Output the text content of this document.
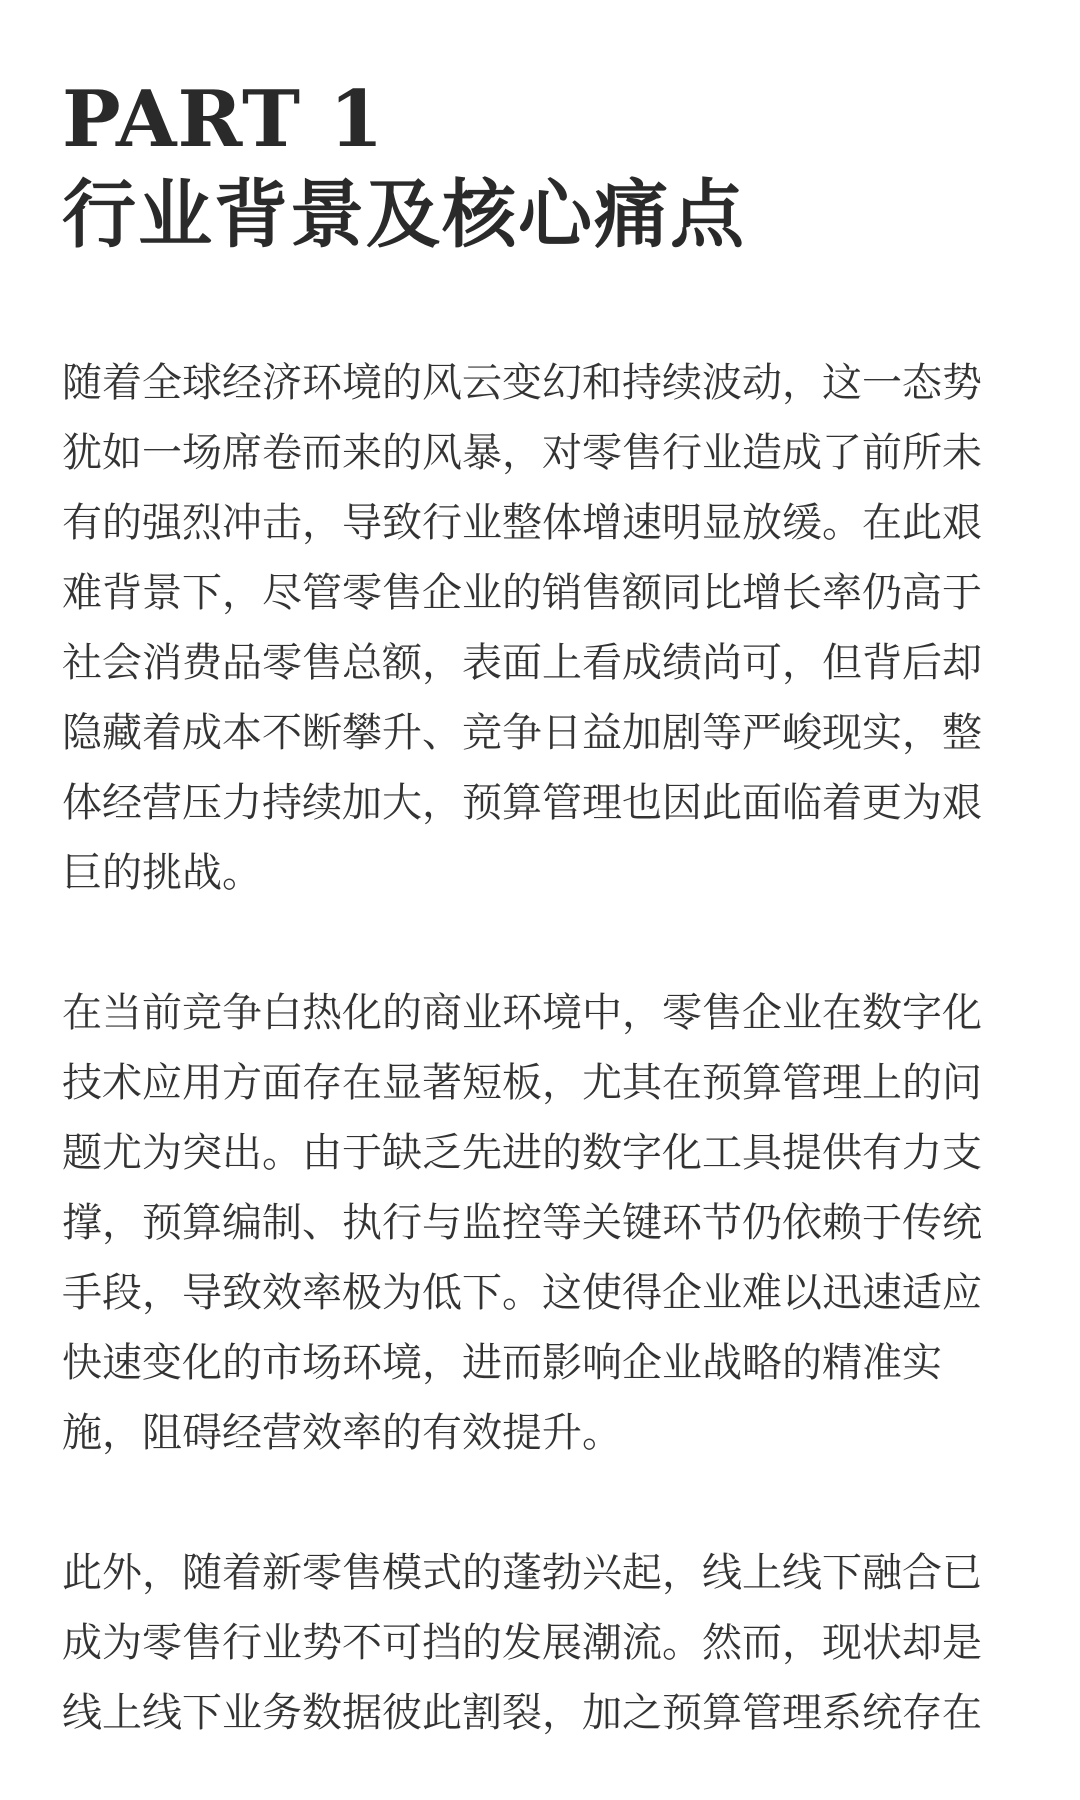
PART 1
行业背景及核心痛点

随着全球经济环境的风云变幻和持续波动，这一态势犹如一场席卷而来的风暴，对零售行业造成了前所未有的强烈冲击，导致行业整体增速明显放缓。在此艰难背景下，尽管零售企业的销售额同比增长率仍高于社会消费品零售总额，表面上看成绩尚可，但背后却隐藏着成本不断攀升、竞争日益加剧等严峻现实，整体经营压力持续加大，预算管理也因此面临着更为艰巨的挑战。

在当前竞争白热化的商业环境中，零售企业在数字化技术应用方面存在显著短板，尤其在预算管理上的问题尤为突出。由于缺乏先进的数字化工具提供有力支撑，预算编制、执行与监控等关键环节仍依赖于传统手段，导致效率极为低下。这使得企业难以迅速适应快速变化的市场环境，进而影响企业战略的精准实施，阻碍经营效率的有效提升。

此外，随着新零售模式的蓬勃兴起，线上线下融合已成为零售行业势不可挡的发展潮流。然而，现状却是线上线下业务数据彼此割裂，加之预算管理系统存在
